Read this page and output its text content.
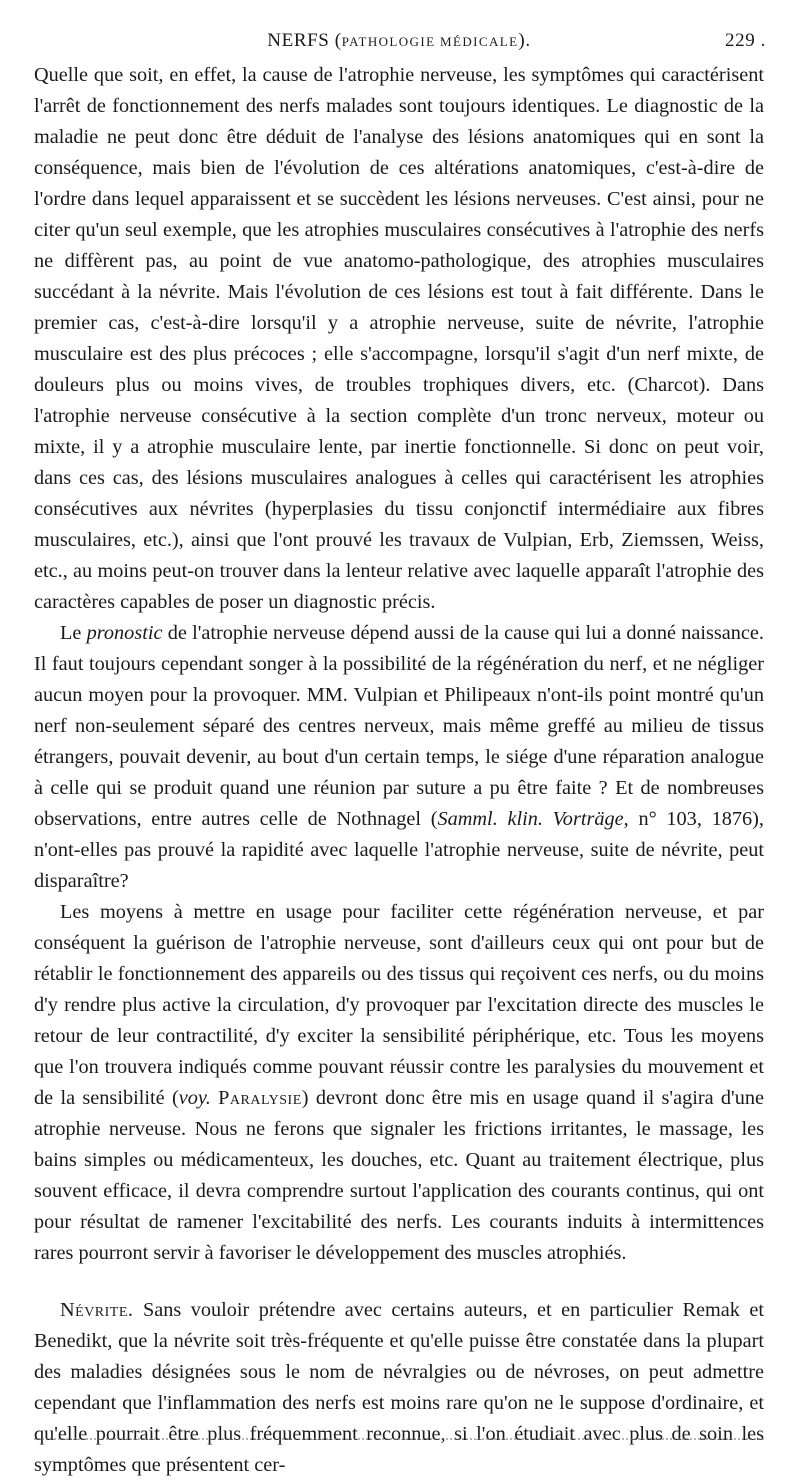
NERFS (PATHOLOGIE MÉDICALE).	229 .

Quelle que soit, en effet, la cause de l'atrophie nerveuse, les symptômes qui caractérisent l'arrêt de fonctionnement des nerfs malades sont toujours identiques. Le diagnostic de la maladie ne peut donc être déduit de l'analyse des lésions anatomiques qui en sont la conséquence, mais bien de l'évolution de ces altérations anatomiques, c'est-à-dire de l'ordre dans lequel apparaissent et se succèdent les lésions nerveuses. C'est ainsi, pour ne citer qu'un seul exemple, que les atrophies musculaires consécutives à l'atrophie des nerfs ne diffèrent pas, au point de vue anatomo-pathologique, des atrophies musculaires succédant à la névrite. Mais l'évolution de ces lésions est tout à fait différente. Dans le premier cas, c'est-à-dire lorsqu'il y a atrophie nerveuse, suite de névrite, l'atrophie musculaire est des plus précoces ; elle s'accompagne, lorsqu'il s'agit d'un nerf mixte, de douleurs plus ou moins vives, de troubles trophiques divers, etc. (Charcot). Dans l'atrophie nerveuse consécutive à la section complète d'un tronc nerveux, moteur ou mixte, il y a atrophie musculaire lente, par inertie fonctionnelle. Si donc on peut voir, dans ces cas, des lésions musculaires analogues à celles qui caractérisent les atrophies consécutives aux névrites (hyperplasies du tissu conjonctif intermédiaire aux fibres musculaires, etc.), ainsi que l'ont prouvé les travaux de Vulpian, Erb, Ziemssen, Weiss, etc., au moins peut-on trouver dans la lenteur relative avec laquelle apparaît l'atrophie des caractères capables de poser un diagnostic précis.

Le pronostic de l'atrophie nerveuse dépend aussi de la cause qui lui a donné naissance. Il faut toujours cependant songer à la possibilité de la régénération du nerf, et ne négliger aucun moyen pour la provoquer. MM. Vulpian et Philipeaux n'ont-ils point montré qu'un nerf non-seulement séparé des centres nerveux, mais même greffé au milieu de tissus étrangers, pouvait devenir, au bout d'un certain temps, le siége d'une réparation analogue à celle qui se produit quand une réunion par suture a pu être faite ? Et de nombreuses observations, entre autres celle de Nothnagel (Samml. klin. Vorträge, n° 103, 1876), n'ont-elles pas prouvé la rapidité avec laquelle l'atrophie nerveuse, suite de névrite, peut disparaître?

Les moyens à mettre en usage pour faciliter cette régénération nerveuse, et par conséquent la guérison de l'atrophie nerveuse, sont d'ailleurs ceux qui ont pour but de rétablir le fonctionnement des appareils ou des tissus qui reçoivent ces nerfs, ou du moins d'y rendre plus active la circulation, d'y provoquer par l'excitation directe des muscles le retour de leur contractilité, d'y exciter la sensibilité périphérique, etc. Tous les moyens que l'on trouvera indiqués comme pouvant réussir contre les paralysies du mouvement et de la sensibilité (voy. Paralysie) devront donc être mis en usage quand il s'agira d'une atrophie nerveuse. Nous ne ferons que signaler les frictions irritantes, le massage, les bains simples ou médicamenteux, les douches, etc. Quant au traitement électrique, plus souvent efficace, il devra comprendre surtout l'application des courants continus, qui ont pour résultat de ramener l'excitabilité des nerfs. Les courants induits à intermittences rares pourront servir à favoriser le développement des muscles atrophiés.

Névrite. Sans vouloir prétendre avec certains auteurs, et en particulier Remak et Benedikt, que la névrite soit très-fréquente et qu'elle puisse être constatée dans la plupart des maladies désignées sous le nom de névralgies ou de névroses, on peut admettre cependant que l'inflammation des nerfs est moins rare qu'on ne le suppose d'ordinaire, et qu'elle pourrait être plus fréquemment reconnue, si l'on étudiait avec plus de soin les symptômes que présentent cer-
